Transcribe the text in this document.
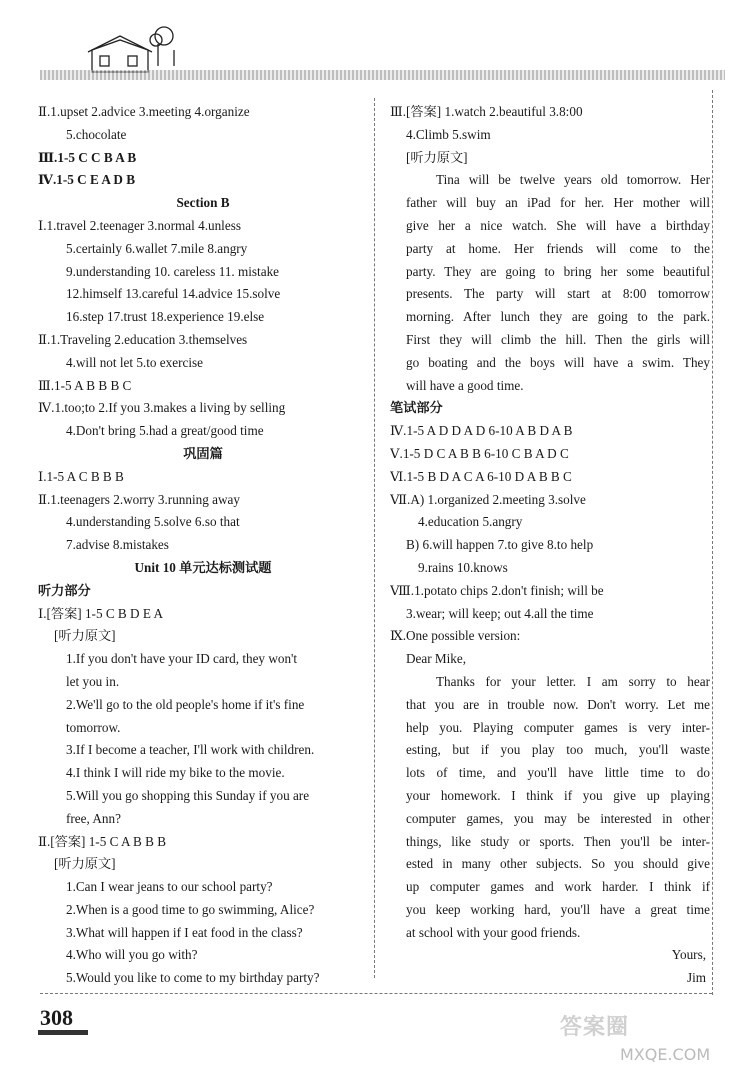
Ⅱ.1.upset 2.advice 3.meeting 4.organize
5.chocolate
Ⅲ.1-5 C C B A B
Ⅳ.1-5 C E A D B
Section B
Ⅰ.1.travel 2.teenager 3.normal 4.unless
5.certainly 6.wallet 7.mile 8.angry
9.understanding 10. careless 11. mistake
12.himself 13.careful 14.advice 15.solve
16.step 17.trust 18.experience 19.else
Ⅱ.1.Traveling 2.education 3.themselves
4.will not let 5.to exercise
Ⅲ.1-5 A B B B C
Ⅳ.1.too;to 2.If you 3.makes a living by selling
4.Don't bring 5.had a great/good time
巩固篇
Ⅰ.1-5 A C B B B
Ⅱ.1.teenagers 2.worry 3.running away
4.understanding 5.solve 6.so that
7.advise 8.mistakes
Unit 10 单元达标测试题
听力部分
Ⅰ.[答案] 1-5 C B D E A
[听力原文]
1.If you don't have your ID card, they won't
let you in.
2.We'll go to the old people's home if it's fine
tomorrow.
3.If I become a teacher, I'll work with children.
4.I think I will ride my bike to the movie.
5.Will you go shopping this Sunday if you are
free, Ann?
Ⅱ.[答案] 1-5 C A B B B
[听力原文]
1.Can I wear jeans to our school party?
2.When is a good time to go swimming, Alice?
3.What will happen if I eat food in the class?
4.Who will you go with?
5.Would you like to come to my birthday party?
Ⅲ.[答案] 1.watch 2.beautiful 3.8:00
4.Climb 5.swim
[听力原文]
Tina will be twelve years old tomorrow. Her
father will buy an iPad for her. Her mother will
give her a nice watch. She will have a birthday
party at home. Her friends will come to the
party. They are going to bring her some beautiful
presents. The party will start at 8:00 tomorrow
morning. After lunch they are going to the park.
First they will climb the hill. Then the girls will
go boating and the boys will have a swim. They
will have a good time.
笔试部分
Ⅳ.1-5 A D D A D 6-10 A B D A B
Ⅴ.1-5 D C A B B 6-10 C B A D C
Ⅵ.1-5 B D A C A 6-10 D A B B C
Ⅶ.A) 1.organized 2.meeting 3.solve
4.education 5.angry
B) 6.will happen 7.to give 8.to help
9.rains 10.knows
Ⅷ.1.potato chips 2.don't finish; will be
3.wear; will keep; out 4.all the time
Ⅸ.One possible version:
Dear Mike,
Thanks for your letter. I am sorry to hear
that you are in trouble now. Don't worry. Let me
help you. Playing computer games is very inter-
esting, but if you play too much, you'll waste
lots of time, and you'll have little time to do
your homework. I think if you give up playing
computer games, you may be interested in other
things, like study or sports. Then you'll be inter-
ested in many other subjects. So you should give
up computer games and work harder. I think if
you keep working hard, you'll have a great time
at school with your good friends.
Yours,
Jim
308	答案圈
MXQE.COM
